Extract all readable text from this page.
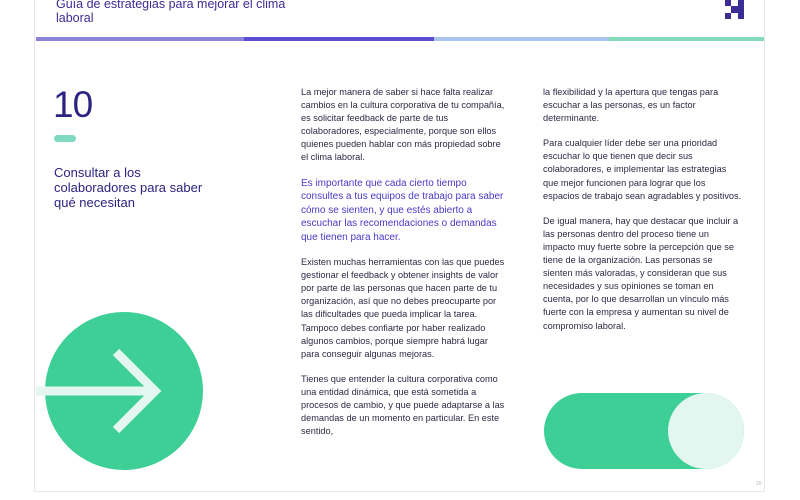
Guía de estrategias para mejorar el clima laboral
10
Consultar a los colaboradores para saber qué necesitan

La mejor manera de saber si hace falta realizar cambios en la cultura corporativa de tu compañía, es solicitar feedback de parte de tus colaboradores, especialmente, porque son ellos quienes pueden hablar con más propiedad sobre el clima laboral.

Es importante que cada cierto tiempo consultes a tus equipos de trabajo para saber cómo se sienten, y que estés abierto a escuchar las recomendaciones o demandas que tienen para hacer.

Existen muchas herramientas con las que puedes gestionar el feedback y obtener insights de valor por parte de las personas que hacen parte de tu organización, así que no debes preocuparte por las dificultades que pueda implicar la tarea. Tampoco debes confiarte por haber realizado algunos cambios, porque siempre habrá lugar para conseguir algunas mejoras.

Tienes que entender la cultura corporativa como una entidad dinámica, que está sometida a procesos de cambio, y que puede adaptarse a las demandas de un momento en particular. En este sentido,

la flexibilidad y la apertura que tengas para escuchar a las personas, es un factor determinante.

Para cualquier líder debe ser una prioridad escuchar lo que tienen que decir sus colaboradores, e implementar las estrategias que mejor funcionen para lograr que los espacios de trabajo sean agradables y positivos.

De igual manera, hay que destacar que incluir a las personas dentro del proceso tiene un impacto muy fuerte sobre la percepción que se tiene de la organización. Las personas se sienten más valoradas, y consideran que sus necesidades y sus opiniones se toman en cuenta, por lo que desarrollan un vínculo más fuerte con la empresa y aumentan su nivel de compromiso laboral.

20
